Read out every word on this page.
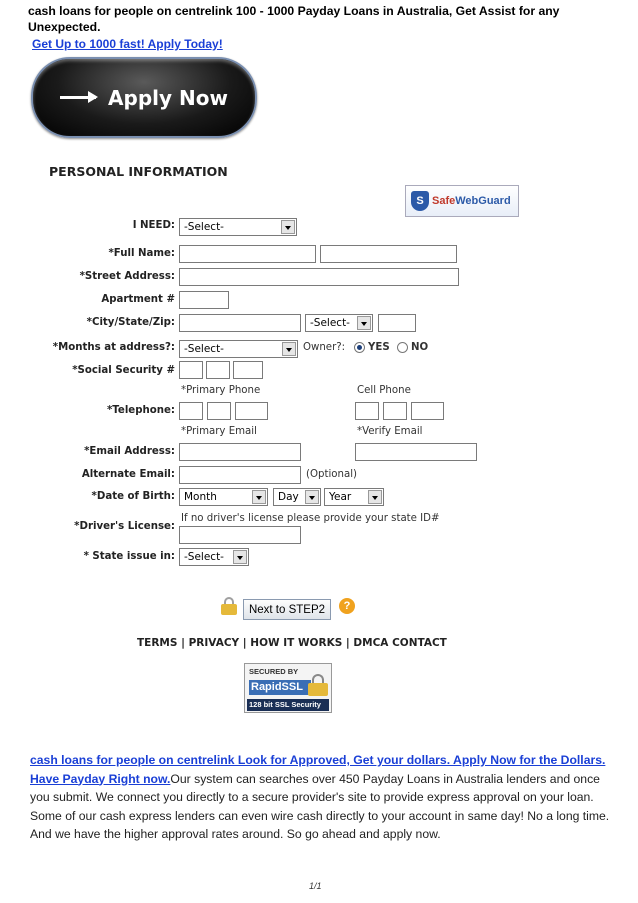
cash loans for people on centrelink 100 - 1000 Payday Loans in Australia, Get Assist for any Unexpected.
Get Up to 1000 fast! Apply Today!
Apply Now
PERSONAL INFORMATION
S Safe WebGuard
I NEED: -Select-
*Full Name:
*Street Address:
Apartment #
*City/State/Zip:	-Select-
*Months at address?: -Select-	Owner?: YES NO
*Social Security #
*Primary Phone	Cell Phone
*Telephone:
*Primary Email	*Verify Email
*Email Address:
Alternate Email:	(Optional)
*Date of Birth: Month	Day	Year
If no driver's license please provide your state ID#
*Driver's License:
* State issue in: -Select-
Next to STEP2	?
TERMS | PRIVACY | HOW IT WORKS | DMCA CONTACT
SECURED BY
RapidSSL
128 bit SSL Security
cash loans for people on centrelink Look for Approved, Get your dollars. Apply Now for the Dollars. Have Payday Right now.Our system can searches over 450 Payday Loans in Australia lenders and once you submit. We connect you directly to a secure provider's site to provide express approval on your loan. Some of our cash express lenders can even wire cash directly to your account in same day! No a long time. And we have the higher approval rates around. So go ahead and apply now.
1/1
